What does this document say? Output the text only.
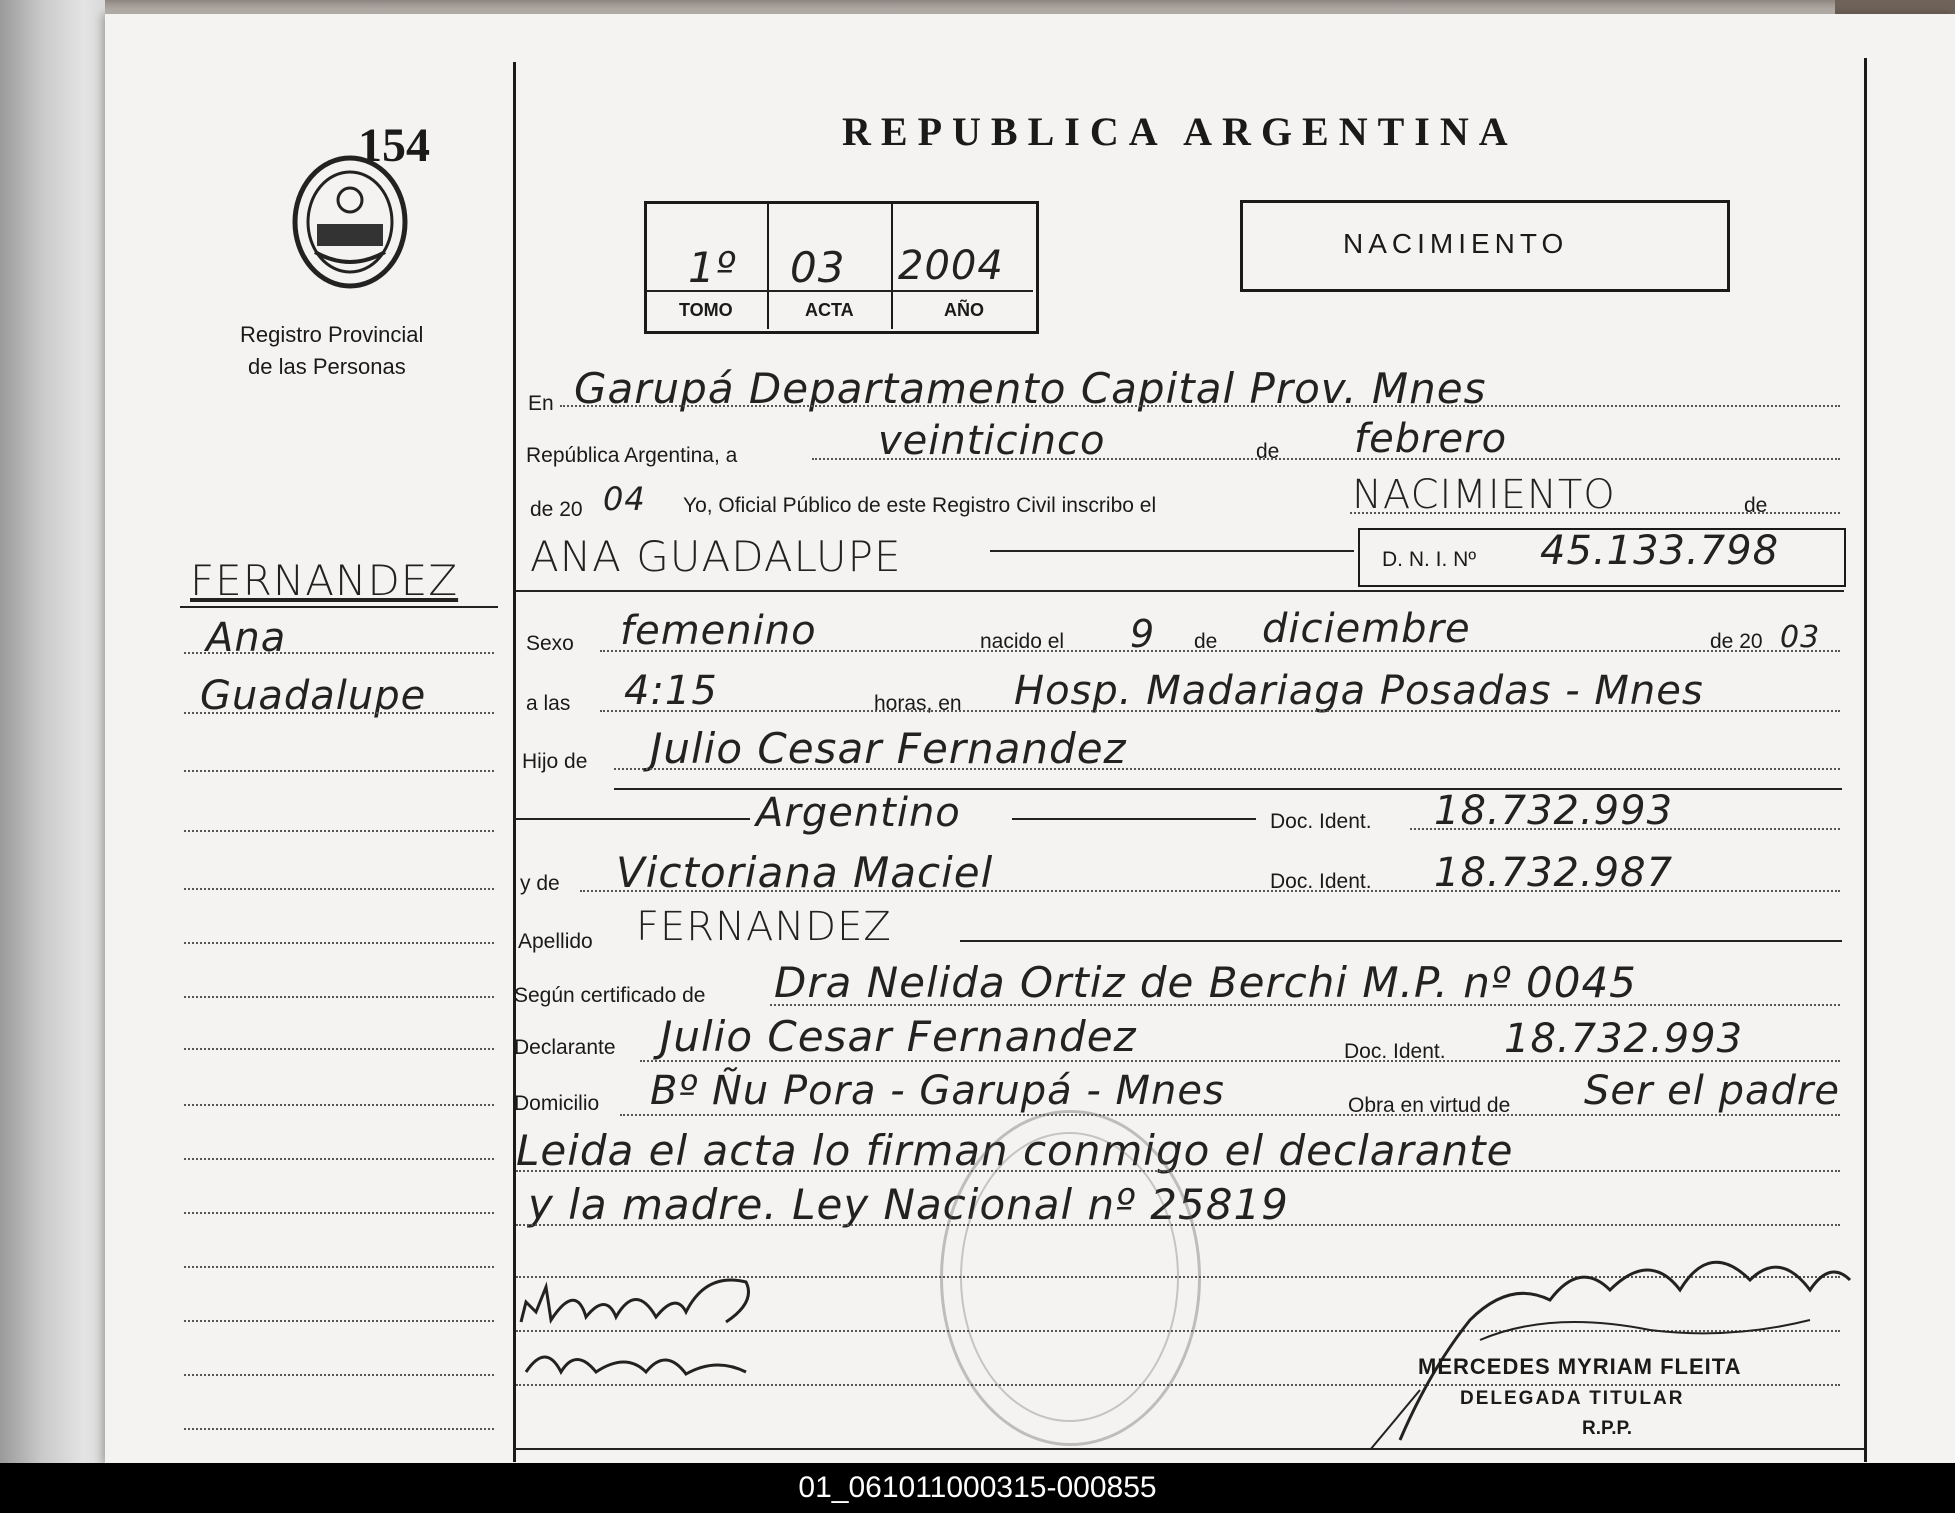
154
Registro Provincial
de las Personas
REPUBLICA ARGENTINA
1º 03 2004
TOMO	ACTA	AÑO
NACIMIENTO
FERNANDEZ
Ana
Guadalupe
En Garupá Departamento Capital Prov. Mnes
República Argentina, a	veinticinco	de febrero
de 20 04 Yo, Oficial Público de este Registro Civil inscribo el	NACIMIENTO	de
ANA GUADALUPE	D. N. I. Nº 45.133.798
Sexo femenino	nacido el 9 de diciembre	de 20 03
a las 4:15	horas, en Hosp. Madariaga Posadas - Mnes
Hijo de Julio Cesar Fernandez
Argentino	Doc. Ident. 18.732.993
y de Victoriana Maciel	Doc. Ident. 18.732.987
Apellido FERNANDEZ
Según certificado de Dra Nelida Ortiz de Berchi M.P. nº 0045
Declarante Julio Cesar Fernandez	Doc. Ident. 18.732.993
Domicilio Bº Ñu Pora - Garupá - Mnes	Obra en virtud de Ser el padre
Leida el acta lo firman conmigo el declarante
y la madre. Ley Nacional nº 25819
MERCEDES MYRIAM FLEITA
DELEGADA TITULAR
R.P.P.
01_061011000315-000855
